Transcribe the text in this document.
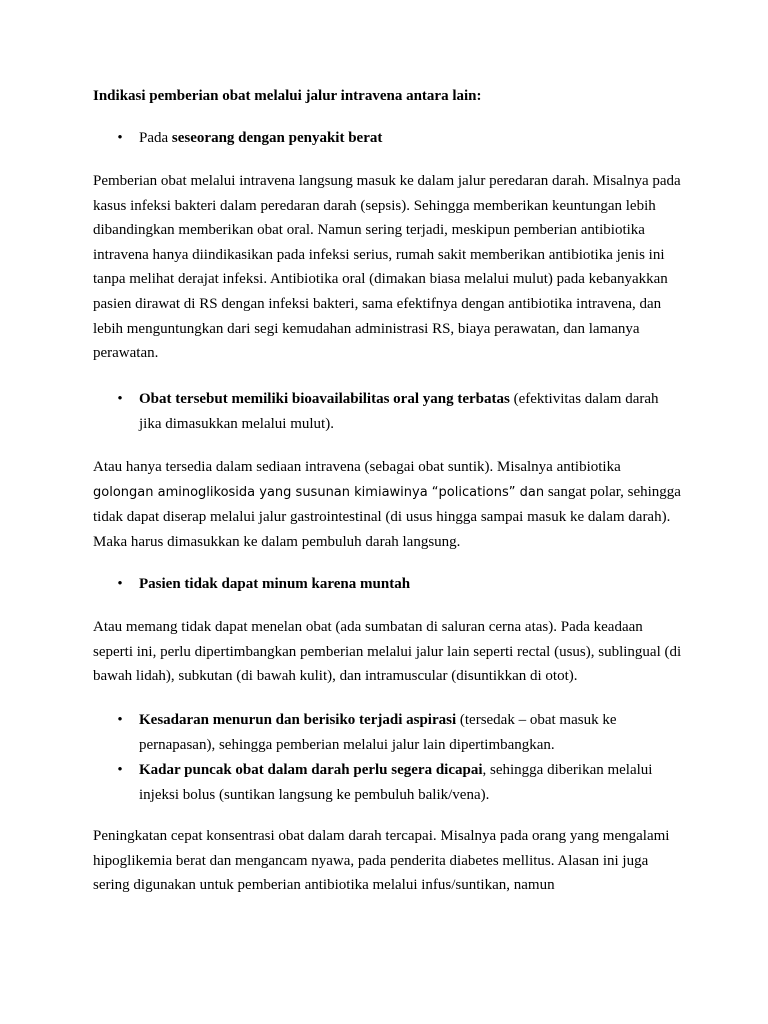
Indikasi pemberian obat melalui jalur intravena antara lain:

• Pada seseorang dengan penyakit berat

Pemberian obat melalui intravena langsung masuk ke dalam jalur peredaran darah. Misalnya pada kasus infeksi bakteri dalam peredaran darah (sepsis). Sehingga memberikan keuntungan lebih dibandingkan memberikan obat oral. Namun sering terjadi, meskipun pemberian antibiotika intravena hanya diindikasikan pada infeksi serius, rumah sakit memberikan antibiotika jenis ini tanpa melihat derajat infeksi. Antibiotika oral (dimakan biasa melalui mulut) pada kebanyakkan pasien dirawat di RS dengan infeksi bakteri, sama efektifnya dengan antibiotika intravena, dan lebih menguntungkan dari segi kemudahan administrasi RS, biaya perawatan, dan lamanya perawatan.

• Obat tersebut memiliki bioavailabilitas oral yang terbatas (efektivitas dalam darah jika dimasukkan melalui mulut).

Atau hanya tersedia dalam sediaan intravena (sebagai obat suntik). Misalnya antibiotika
golongan aminoglikosida yang susunan kimiawinya “polications” dan sangat polar, sehingga tidak dapat diserap melalui jalur gastrointestinal (di usus hingga sampai masuk ke dalam darah). Maka harus dimasukkan ke dalam pembuluh darah langsung.

• Pasien tidak dapat minum karena muntah

Atau memang tidak dapat menelan obat (ada sumbatan di saluran cerna atas). Pada keadaan seperti ini, perlu dipertimbangkan pemberian melalui jalur lain seperti rectal (usus), sublingual (di bawah lidah), subkutan (di bawah kulit), dan intramuscular (disuntikkan di otot).

• Kesadaran menurun dan berisiko terjadi aspirasi (tersedak – obat masuk ke pernapasan), sehingga pemberian melalui jalur lain dipertimbangkan.
• Kadar puncak obat dalam darah perlu segera dicapai, sehingga diberikan melalui injeksi bolus (suntikan langsung ke pembuluh balik/vena).

Peningkatan cepat konsentrasi obat dalam darah tercapai. Misalnya pada orang yang mengalami hipoglikemia berat dan mengancam nyawa, pada penderita diabetes mellitus. Alasan ini juga sering digunakan untuk pemberian antibiotika melalui infus/suntikan, namun
